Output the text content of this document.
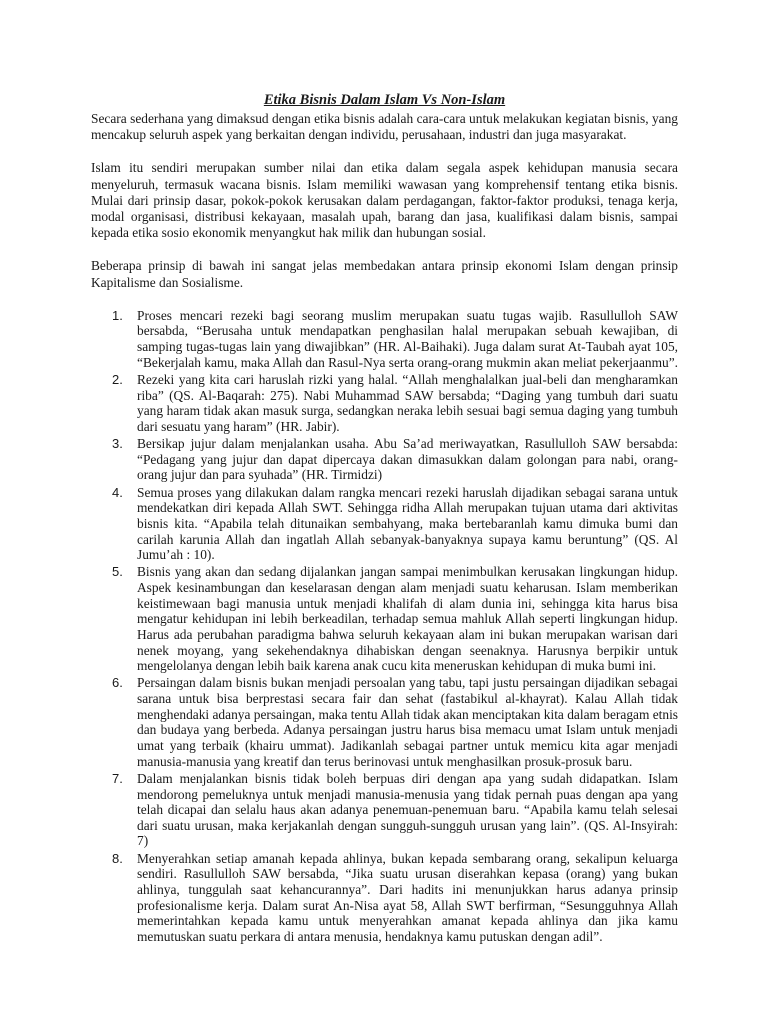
Etika Bisnis Dalam Islam Vs Non-Islam

Secara sederhana yang dimaksud dengan etika bisnis adalah cara-cara untuk melakukan kegiatan bisnis, yang mencakup seluruh aspek yang berkaitan dengan individu, perusahaan, industri dan juga masyarakat.

Islam itu sendiri merupakan sumber nilai dan etika dalam segala aspek kehidupan manusia secara menyeluruh, termasuk wacana bisnis. Islam memiliki wawasan yang komprehensif tentang etika bisnis. Mulai dari prinsip dasar, pokok-pokok kerusakan dalam perdagangan, faktor-faktor produksi, tenaga kerja, modal organisasi, distribusi kekayaan, masalah upah, barang dan jasa, kualifikasi dalam bisnis, sampai kepada etika sosio ekonomik menyangkut hak milik dan hubungan sosial.

Beberapa prinsip di bawah ini sangat jelas membedakan antara prinsip ekonomi Islam dengan prinsip Kapitalisme dan Sosialisme.

1. Proses mencari rezeki bagi seorang muslim merupakan suatu tugas wajib. Rasullulloh SAW bersabda, “Berusaha untuk mendapatkan penghasilan halal merupakan sebuah kewajiban, di samping tugas-tugas lain yang diwajibkan” (HR. Al-Baihaki). Juga dalam surat At-Taubah ayat 105, “Bekerjalah kamu, maka Allah dan Rasul-Nya serta orang-orang mukmin akan meliat pekerjaanmu”.
2. Rezeki yang kita cari haruslah rizki yang halal. “Allah menghalalkan jual-beli dan mengharamkan riba” (QS. Al-Baqarah: 275). Nabi Muhammad SAW bersabda; “Daging yang tumbuh dari suatu yang haram tidak akan masuk surga, sedangkan neraka lebih sesuai bagi semua daging yang tumbuh dari sesuatu yang haram” (HR. Jabir).
3. Bersikap jujur dalam menjalankan usaha. Abu Sa’ad meriwayatkan, Rasullulloh SAW bersabda: “Pedagang yang jujur dan dapat dipercaya dakan dimasukkan dalam golongan para nabi, orang-orang jujur dan para syuhada” (HR. Tirmidzi)
4. Semua proses yang dilakukan dalam rangka mencari rezeki haruslah dijadikan sebagai sarana untuk mendekatkan diri kepada Allah SWT. Sehingga ridha Allah merupakan tujuan utama dari aktivitas bisnis kita. “Apabila telah ditunaikan sembahyang, maka bertebaranlah kamu dimuka bumi dan carilah karunia Allah dan ingatlah Allah sebanyak-banyaknya supaya kamu beruntung” (QS. Al Jumu’ah : 10).
5. Bisnis yang akan dan sedang dijalankan jangan sampai menimbulkan kerusakan lingkungan hidup. Aspek kesinambungan dan keselarasan dengan alam menjadi suatu keharusan. Islam memberikan keistimewaan bagi manusia untuk menjadi khalifah di alam dunia ini, sehingga kita harus bisa mengatur kehidupan ini lebih berkeadilan, terhadap semua mahluk Allah seperti lingkungan hidup. Harus ada perubahan paradigma bahwa seluruh kekayaan alam ini bukan merupakan warisan dari nenek moyang, yang sekehendaknya dihabiskan dengan seenaknya. Harusnya berpikir untuk mengelolanya dengan lebih baik karena anak cucu kita meneruskan kehidupan di muka bumi ini.
6. Persaingan dalam bisnis bukan menjadi persoalan yang tabu, tapi justu persaingan dijadikan sebagai sarana untuk bisa berprestasi secara fair dan sehat (fastabikul al-khayrat). Kalau Allah tidak menghendaki adanya persaingan, maka tentu Allah tidak akan menciptakan kita dalam beragam etnis dan budaya yang berbeda. Adanya persaingan justru harus bisa memacu umat Islam untuk menjadi umat yang terbaik (khairu ummat). Jadikanlah sebagai partner untuk memicu kita agar menjadi manusia-manusia yang kreatif dan terus berinovasi untuk menghasilkan prosuk-prosuk baru.
7. Dalam menjalankan bisnis tidak boleh berpuas diri dengan apa yang sudah didapatkan. Islam mendorong pemeluknya untuk menjadi manusia-menusia yang tidak pernah puas dengan apa yang telah dicapai dan selalu haus akan adanya penemuan-penemuan baru. “Apabila kamu telah selesai dari suatu urusan, maka kerjakanlah dengan sungguh-sungguh urusan yang lain”. (QS. Al-Insyirah: 7)
8. Menyerahkan setiap amanah kepada ahlinya, bukan kepada sembarang orang, sekalipun keluarga sendiri. Rasullulloh SAW bersabda, “Jika suatu urusan diserahkan kepasa (orang) yang bukan ahlinya, tunggulah saat kehancurannya”. Dari hadits ini menunjukkan harus adanya prinsip profesionalisme kerja. Dalam surat An-Nisa ayat 58, Allah SWT berfirman, “Sesungguhnya Allah memerintahkan kepada kamu untuk menyerahkan amanat kepada ahlinya dan jika kamu memutuskan suatu perkara di antara menusia, hendaknya kamu putuskan dengan adil”.
